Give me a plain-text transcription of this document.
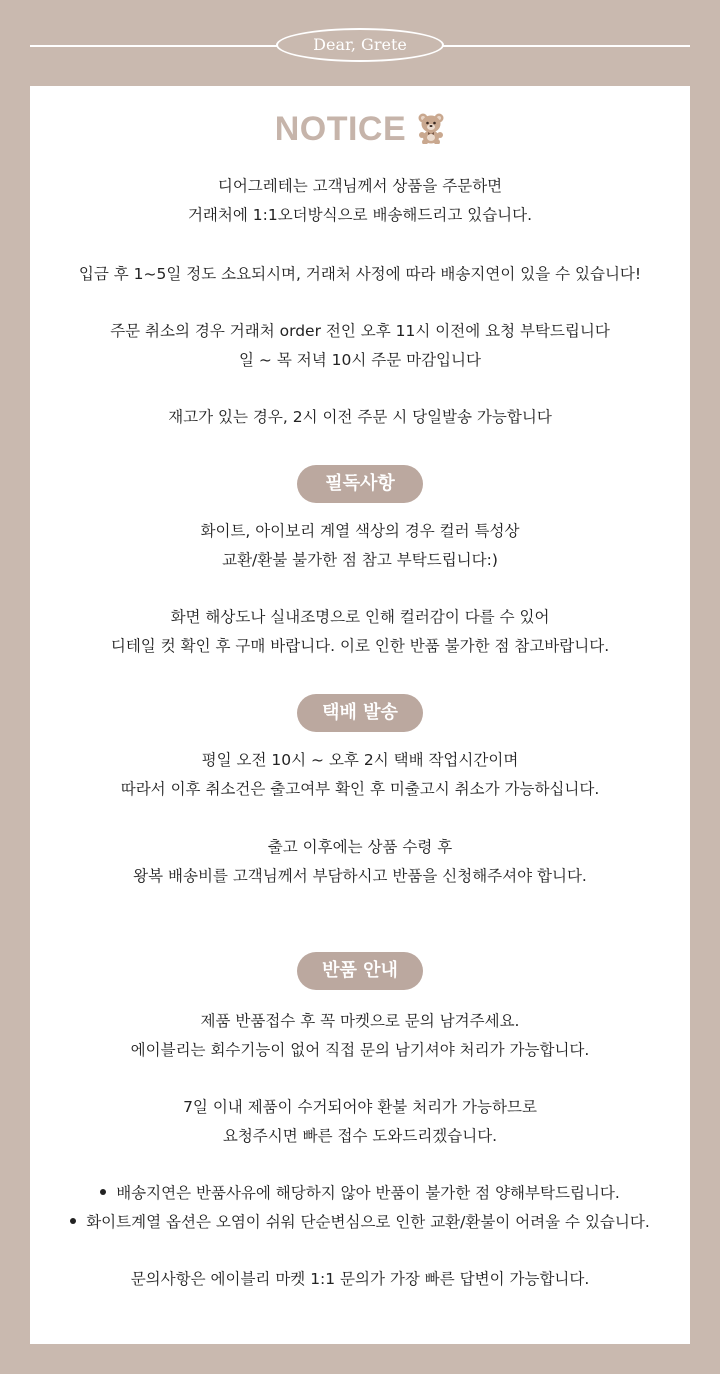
Dear, Grete
NOTICE

디어그레테는 고객님께서 상품을 주문하면

거래처에 1:1오더방식으로 배송해드리고 있습니다.

입금 후 1~5일 정도 소요되시며, 거래처 사정에 따라 배송지연이 있을 수 있습니다!

주문 취소의 경우 거래처 order 전인 오후 11시 이전에 요청 부탁드립니다

일 ~ 목 저녁 10시 주문 마감입니다

재고가 있는 경우, 2시 이전 주문 시 당일발송 가능합니다

필독사항

화이트, 아이보리 계열 색상의 경우 컬러 특성상

교환/환불 불가한 점 참고 부탁드립니다:)

화면 해상도나 실내조명으로 인해 컬러감이 다를 수 있어

디테일 컷 확인 후 구매 바랍니다. 이로 인한 반품 불가한 점 참고바랍니다.

택배 발송

평일 오전 10시 ~ 오후 2시 택배 작업시간이며

따라서 이후 취소건은 출고여부 확인 후 미출고시 취소가 가능하십니다.

출고 이후에는 상품 수령 후

왕복 배송비를 고객님께서 부담하시고 반품을 신청해주셔야 합니다.

반품 안내

제품 반품접수 후 꼭 마켓으로 문의 남겨주세요.

에이블리는 회수기능이 없어 직접 문의 남기셔야 처리가 가능합니다.

7일 이내 제품이 수거되어야 환불 처리가 가능하므로

요청주시면 빠른 접수 도와드리겠습니다.

배송지연은 반품사유에 해당하지 않아 반품이 불가한 점 양해부탁드립니다.
화이트계열 옵션은 오염이 쉬워 단순변심으로 인한 교환/환불이 어려울 수 있습니다.

문의사항은 에이블리 마켓 1:1 문의가 가장 빠른 답변이 가능합니다.
